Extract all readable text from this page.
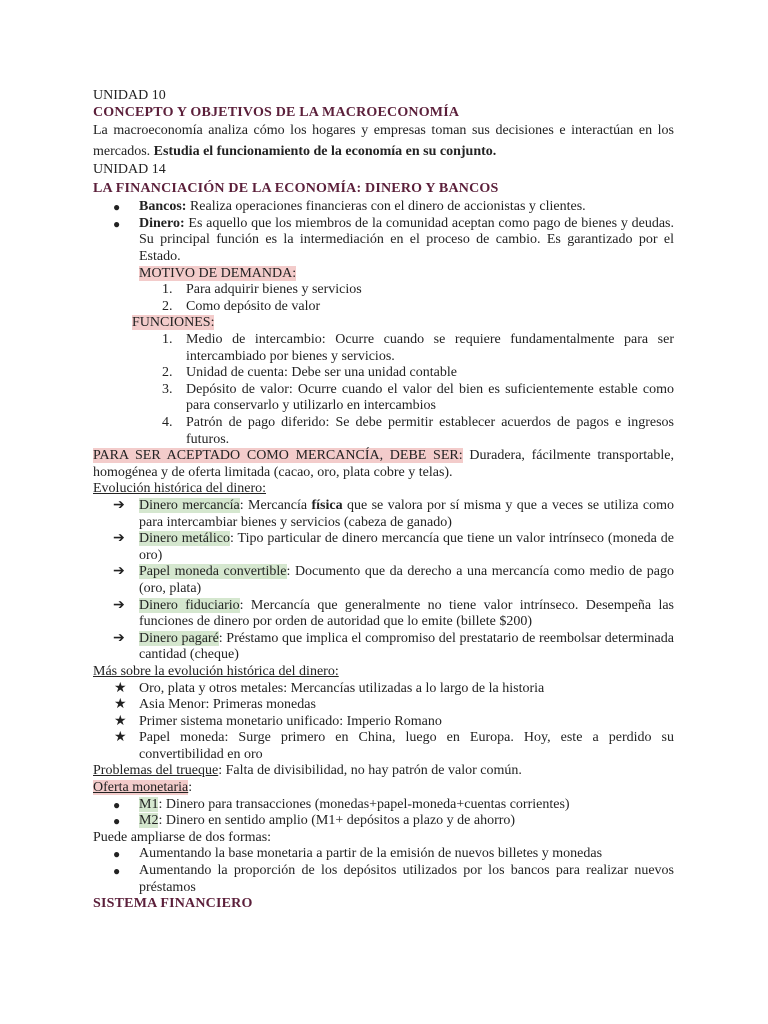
UNIDAD 10

CONCEPTO Y OBJETIVOS DE LA MACROECONOMÍA

La macroeconomía analiza cómo los hogares y empresas toman sus decisiones e interactúan en los mercados. Estudia el funcionamiento de la economía en su conjunto.

UNIDAD 14

LA FINANCIACIÓN DE LA ECONOMÍA: DINERO Y BANCOS

● Bancos: Realiza operaciones financieras con el dinero de accionistas y clientes.
● Dinero: Es aquello que los miembros de la comunidad aceptan como pago de bienes y deudas. Su principal función es la intermediación en el proceso de cambio. Es garantizado por el Estado.

MOTIVO DE DEMANDA:

1. Para adquirir bienes y servicios
2. Como depósito de valor

FUNCIONES:

1. Medio de intercambio: Ocurre cuando se requiere fundamentalmente para ser intercambiado por bienes y servicios.
2. Unidad de cuenta: Debe ser una unidad contable
3. Depósito de valor: Ocurre cuando el valor del bien es suficientemente estable como para conservarlo y utilizarlo en intercambios
4. Patrón de pago diferido: Se debe permitir establecer acuerdos de pagos e ingresos futuros.

PARA SER ACEPTADO COMO MERCANCÍA, DEBE SER: Duradera, fácilmente transportable, homogénea y de oferta limitada (cacao, oro, plata cobre y telas).

Evolución histórica del dinero:

➔ Dinero mercancía: Mercancía física que se valora por sí misma y que a veces se utiliza como para intercambiar bienes y servicios (cabeza de ganado)
➔ Dinero metálico: Tipo particular de dinero mercancía que tiene un valor intrínseco (moneda de oro)
➔ Papel moneda convertible: Documento que da derecho a una mercancía como medio de pago (oro, plata)
➔ Dinero fiduciario: Mercancía que generalmente no tiene valor intrínseco. Desempeña las funciones de dinero por orden de autoridad que lo emite (billete $200)
➔ Dinero pagaré: Préstamo que implica el compromiso del prestatario de reembolsar determinada cantidad (cheque)

Más sobre la evolución histórica del dinero:

★ Oro, plata y otros metales: Mercancías utilizadas a lo largo de la historia
★ Asia Menor: Primeras monedas
★ Primer sistema monetario unificado: Imperio Romano
★ Papel moneda: Surge primero en China, luego en Europa. Hoy, este a perdido su convertibilidad en oro

Problemas del trueque: Falta de divisibilidad, no hay patrón de valor común.

Oferta monetaria:

● M1: Dinero para transacciones (monedas+papel-moneda+cuentas corrientes)
● M2: Dinero en sentido amplio (M1+ depósitos a plazo y de ahorro)

Puede ampliarse de dos formas:

● Aumentando la base monetaria a partir de la emisión de nuevos billetes y monedas
● Aumentando la proporción de los depósitos utilizados por los bancos para realizar nuevos préstamos

SISTEMA FINANCIERO
